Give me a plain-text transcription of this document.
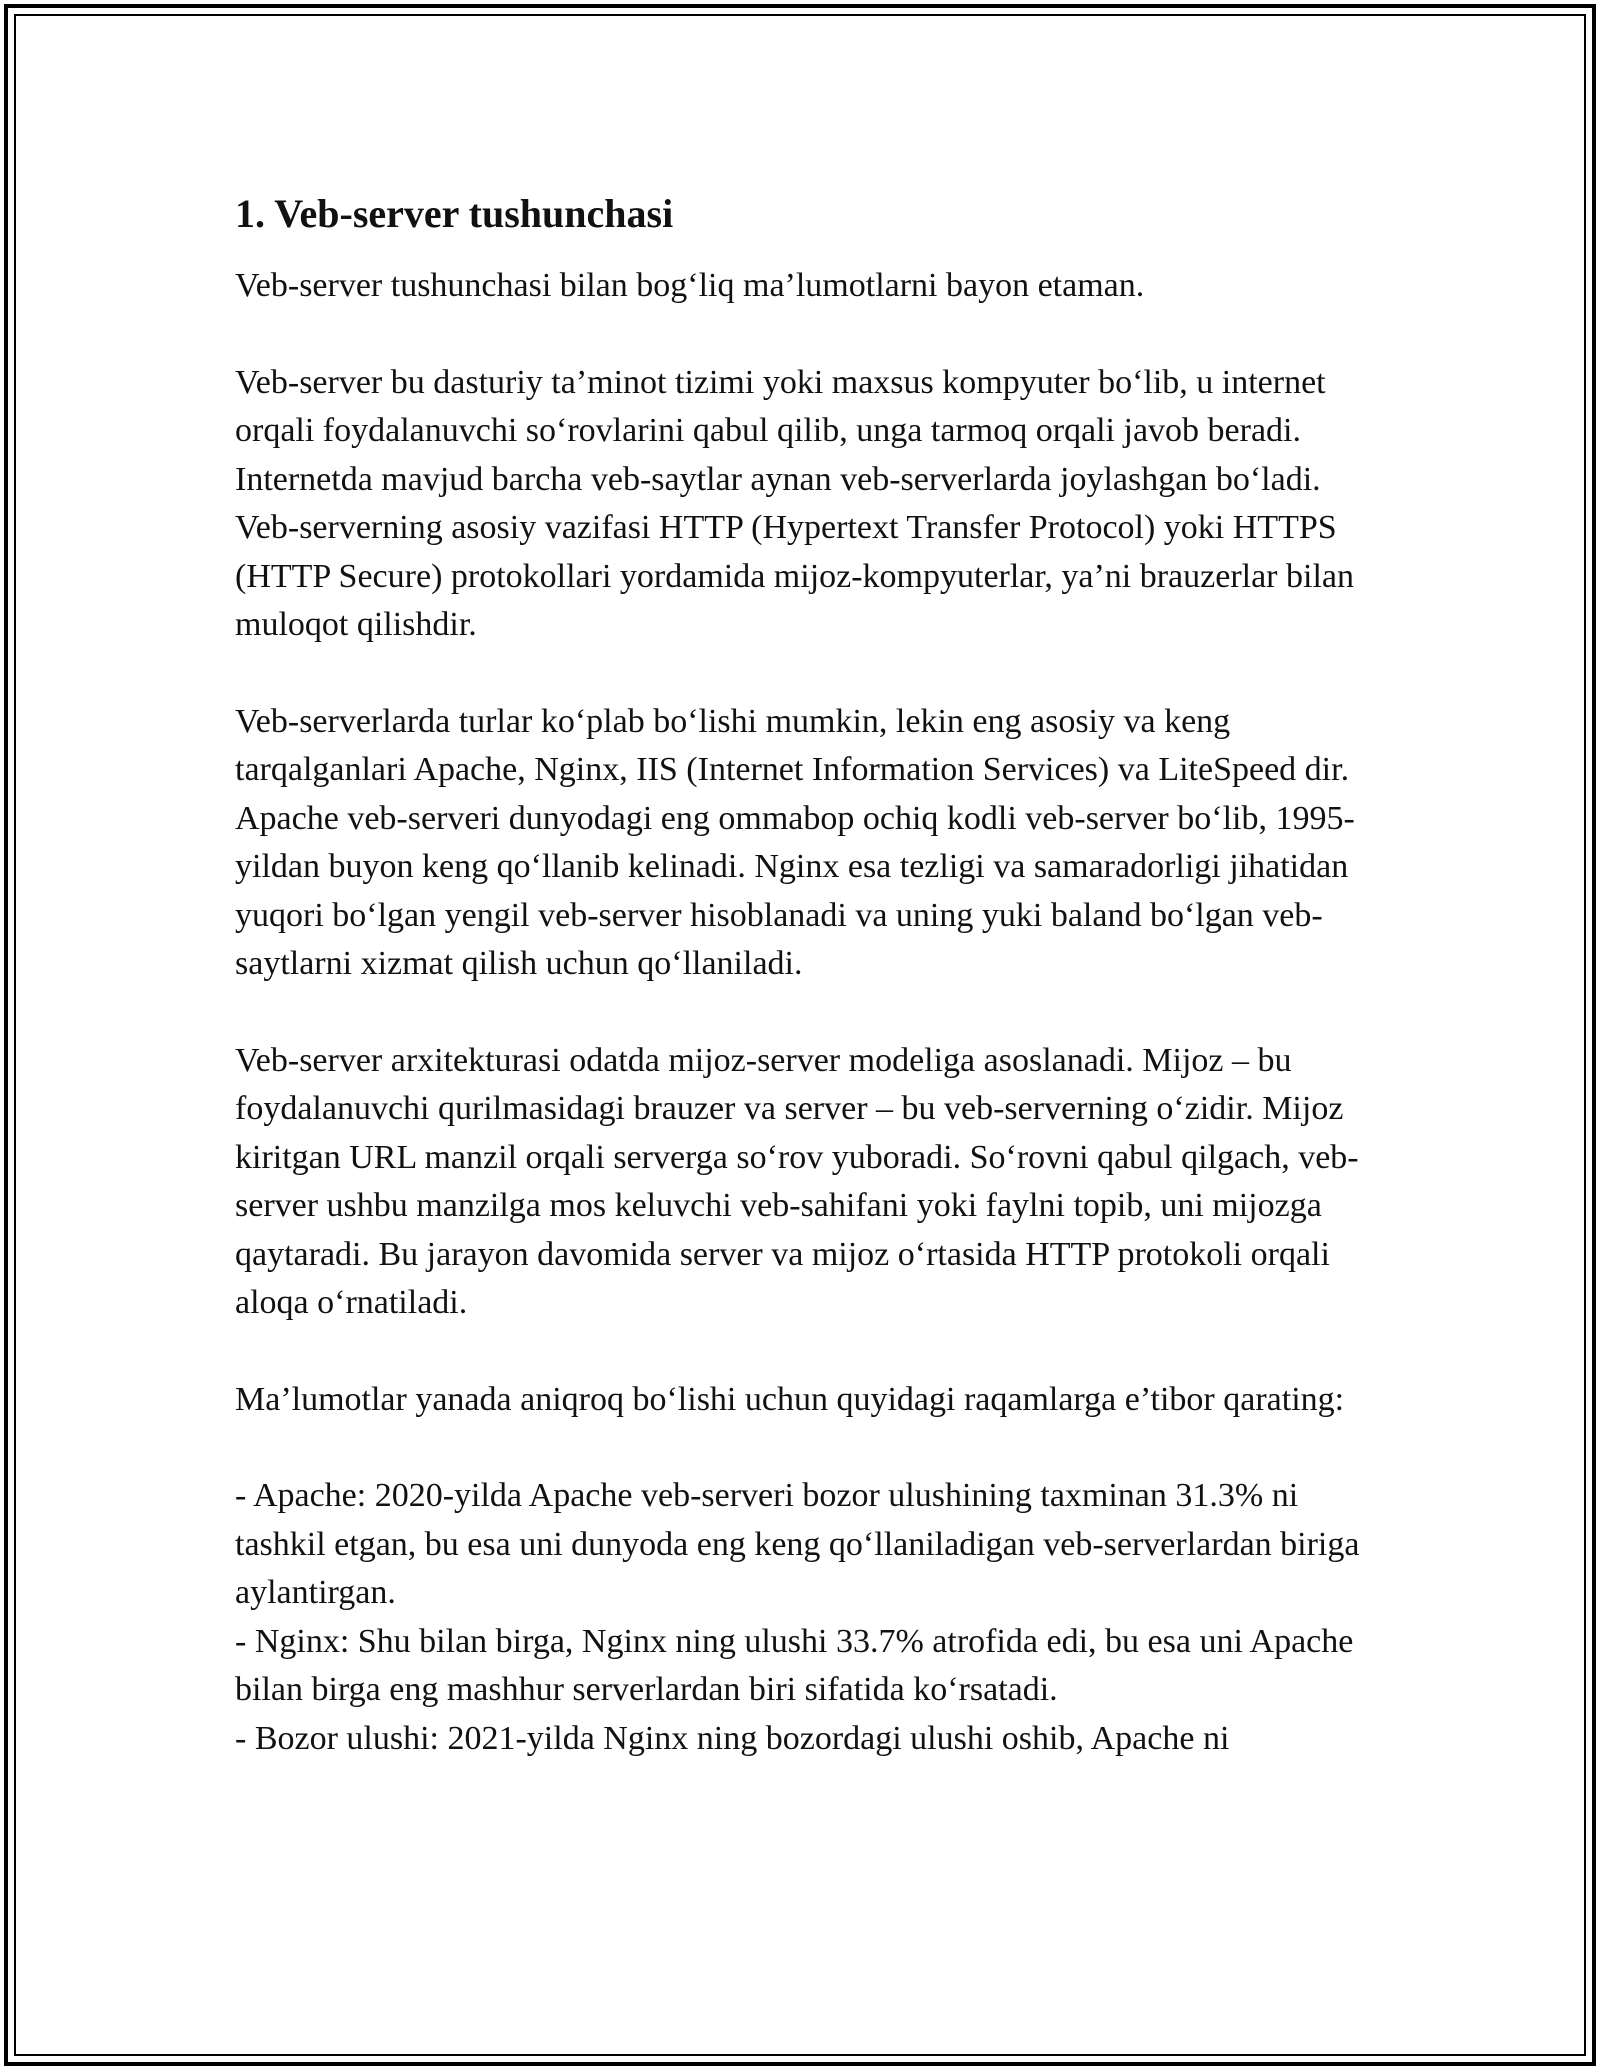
1. Veb-server tushunchasi

Veb-server tushunchasi bilan bog‘liq ma’lumotlarni bayon etaman.

Veb-server bu dasturiy ta’minot tizimi yoki maxsus kompyuter bo‘lib, u internet orqali foydalanuvchi so‘rovlarini qabul qilib, unga tarmoq orqali javob beradi. Internetda mavjud barcha veb-saytlar aynan veb-serverlarda joylashgan bo‘ladi. Veb-serverning asosiy vazifasi HTTP (Hypertext Transfer Protocol) yoki HTTPS (HTTP Secure) protokollari yordamida mijoz-kompyuterlar, ya’ni brauzerlar bilan muloqot qilishdir.

Veb-serverlarda turlar ko‘plab bo‘lishi mumkin, lekin eng asosiy va keng tarqalganlari Apache, Nginx, IIS (Internet Information Services) va LiteSpeed dir. Apache veb-serveri dunyodagi eng ommabop ochiq kodli veb-server bo‘lib, 1995-yildan buyon keng qo‘llanib kelinadi. Nginx esa tezligi va samaradorligi jihatidan yuqori bo‘lgan yengil veb-server hisoblanadi va uning yuki baland bo‘lgan veb-saytlarni xizmat qilish uchun qo‘llaniladi.

Veb-server arxitekturasi odatda mijoz-server modeliga asoslanadi. Mijoz – bu foydalanuvchi qurilmasidagi brauzer va server – bu veb-serverning o‘zidir. Mijoz kiritgan URL manzil orqali serverga so‘rov yuboradi. So‘rovni qabul qilgach, veb-server ushbu manzilga mos keluvchi veb-sahifani yoki faylni topib, uni mijozga qaytaradi. Bu jarayon davomida server va mijoz o‘rtasida HTTP protokoli orqali aloqa o‘rnatiladi.

Ma’lumotlar yanada aniqroq bo‘lishi uchun quyidagi raqamlarga e’tibor qarating:

- Apache: 2020-yilda Apache veb-serveri bozor ulushining taxminan 31.3% ni tashkil etgan, bu esa uni dunyoda eng keng qo‘llaniladigan veb-serverlardan biriga aylantirgan.

- Nginx: Shu bilan birga, Nginx ning ulushi 33.7% atrofida edi, bu esa uni Apache bilan birga eng mashhur serverlardan biri sifatida ko‘rsatadi.

- Bozor ulushi: 2021-yilda Nginx ning bozordagi ulushi oshib, Apache ni
